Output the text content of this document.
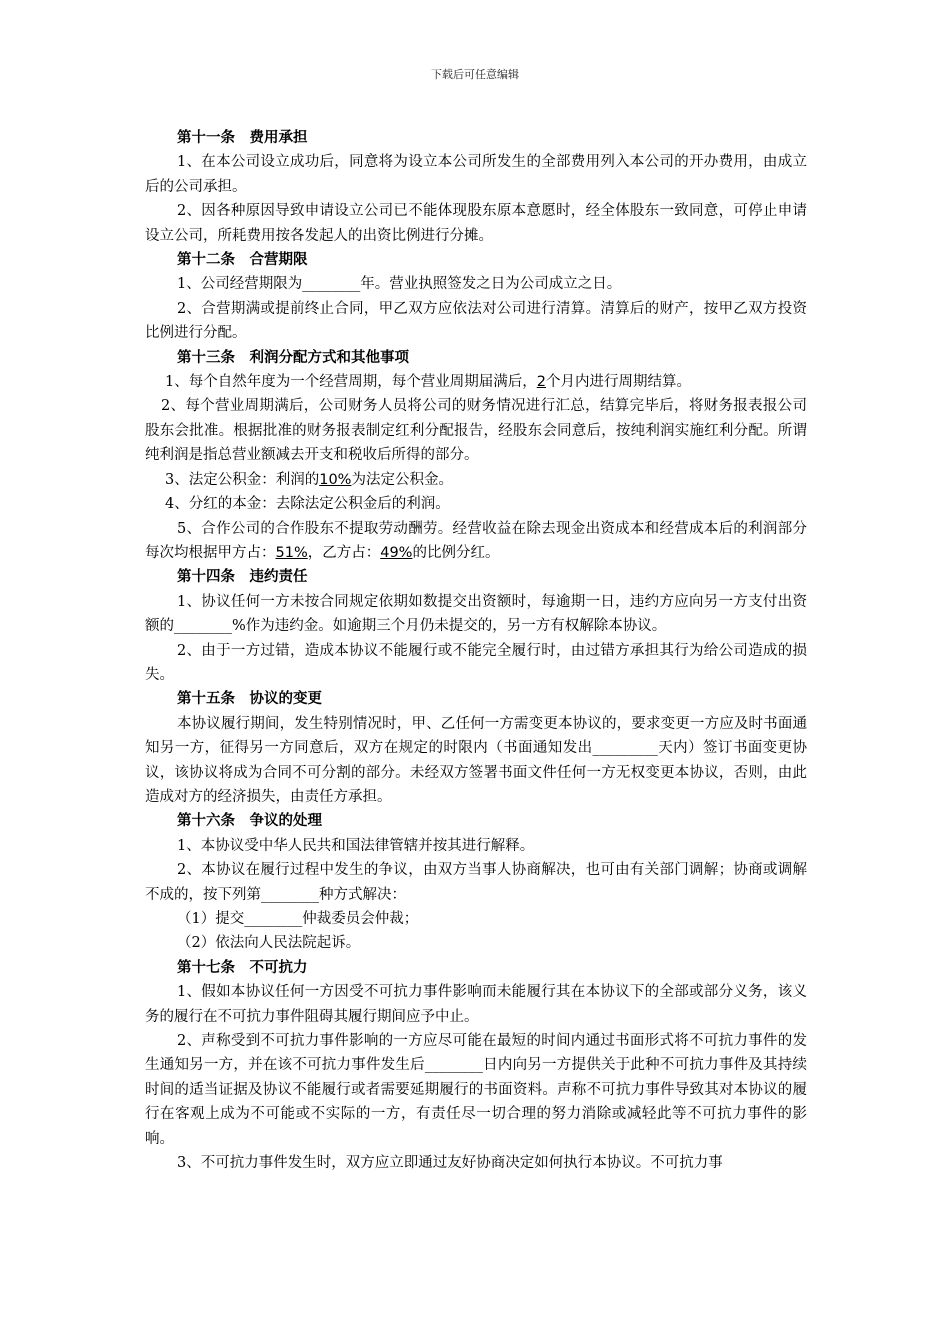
下载后可任意编辑

第十一条　费用承担

1、在本公司设立成功后，同意将为设立本公司所发生的全部费用列入本公司的开办费用，由成立后的公司承担。

2、因各种原因导致申请设立公司已不能体现股东原本意愿时，经全体股东一致同意，可停止申请设立公司，所耗费用按各发起人的出资比例进行分摊。

第十二条　合营期限

1、公司经营期限为________年。营业执照签发之日为公司成立之日。

2、合营期满或提前终止合同，甲乙双方应依法对公司进行清算。清算后的财产，按甲乙双方投资比例进行分配。

第十三条　利润分配方式和其他事项

1、每个自然年度为一个经营周期，每个营业周期届满后，2个月内进行周期结算。

2、每个营业周期满后，公司财务人员将公司的财务情况进行汇总，结算完毕后，将财务报表报公司股东会批准。根据批准的财务报表制定红利分配报告，经股东会同意后，按纯利润实施红利分配。所谓纯利润是指总营业额减去开支和税收后所得的部分。

3、法定公积金：利润的10%为法定公积金。

4、分红的本金：去除法定公积金后的利润。

5、合作公司的合作股东不提取劳动酬劳。经营收益在除去现金出资成本和经营成本后的利润部分每次均根据甲方占：51%，乙方占：49%的比例分红。

第十四条　违约责任

1、协议任何一方未按合同规定依期如数提交出资额时，每逾期一日，违约方应向另一方支付出资额的________%作为违约金。如逾期三个月仍未提交的，另一方有权解除本协议。

2、由于一方过错，造成本协议不能履行或不能完全履行时，由过错方承担其行为给公司造成的损失。

第十五条　协议的变更

本协议履行期间，发生特别情况时，甲、乙任何一方需变更本协议的，要求变更一方应及时书面通知另一方，征得另一方同意后，双方在规定的时限内（书面通知发出_________天内）签订书面变更协议，该协议将成为合同不可分割的部分。未经双方签署书面文件任何一方无权变更本协议，否则，由此造成对方的经济损失，由责任方承担。

第十六条　争议的处理

1、本协议受中华人民共和国法律管辖并按其进行解释。

2、本协议在履行过程中发生的争议，由双方当事人协商解决，也可由有关部门调解；协商或调解不成的，按下列第________种方式解决：

（1）提交________仲裁委员会仲裁；

（2）依法向人民法院起诉。

第十七条　不可抗力

1、假如本协议任何一方因受不可抗力事件影响而未能履行其在本协议下的全部或部分义务，该义务的履行在不可抗力事件阻碍其履行期间应予中止。

2、声称受到不可抗力事件影响的一方应尽可能在最短的时间内通过书面形式将不可抗力事件的发生通知另一方，并在该不可抗力事件发生后________日内向另一方提供关于此种不可抗力事件及其持续时间的适当证据及协议不能履行或者需要延期履行的书面资料。声称不可抗力事件导致其对本协议的履行在客观上成为不可能或不实际的一方，有责任尽一切合理的努力消除或减轻此等不可抗力事件的影响。

3、不可抗力事件发生时，双方应立即通过友好协商决定如何执行本协议。不可抗力事
